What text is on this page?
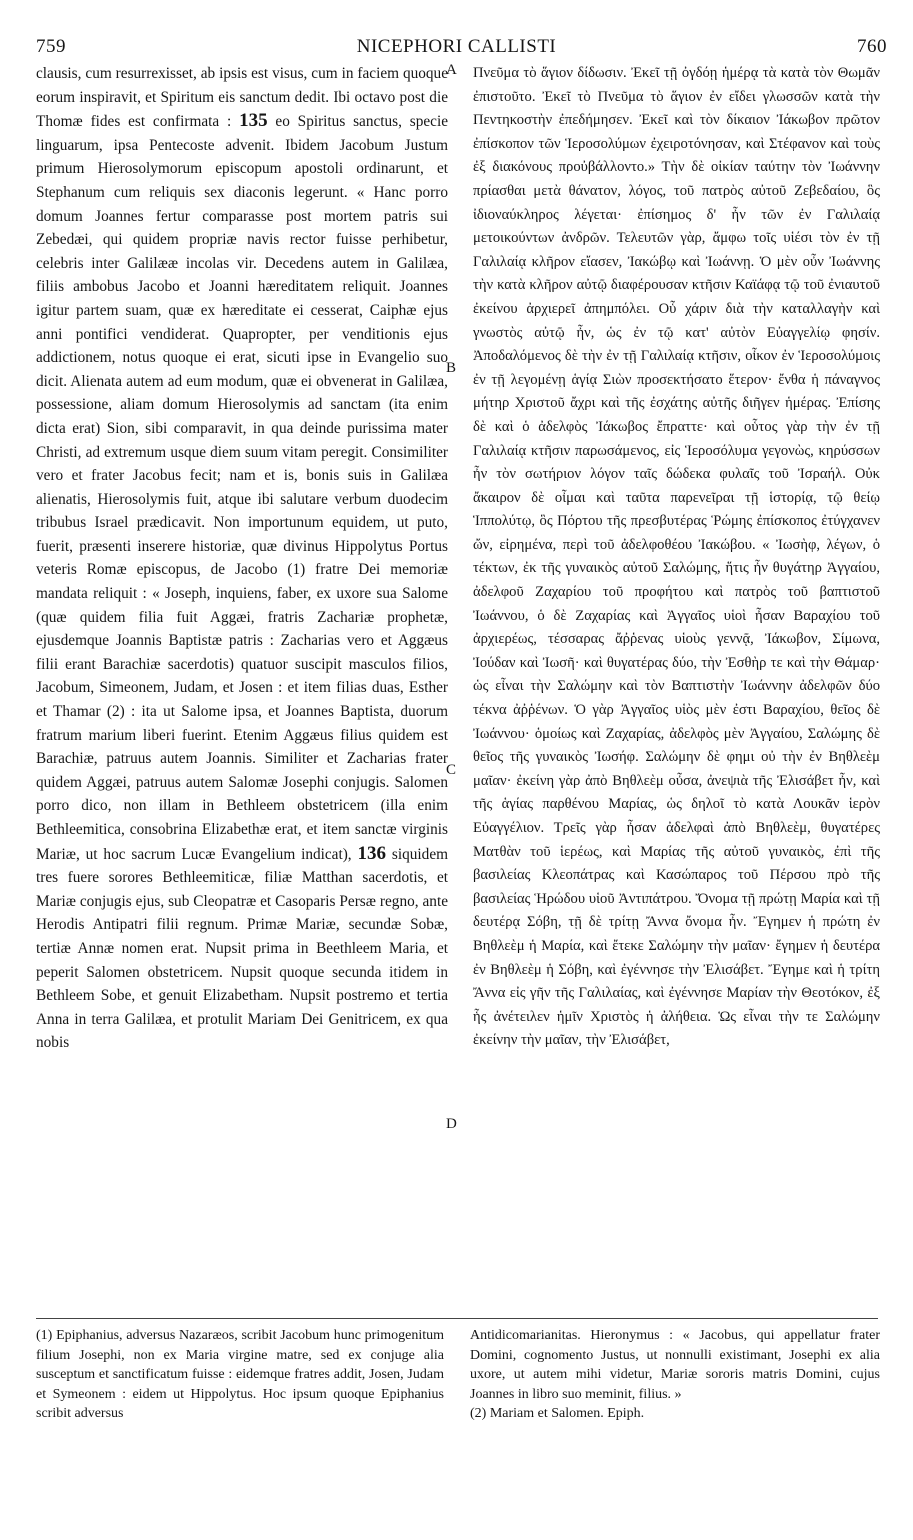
NICEPHORI CALLISTI
759	760

clausis, cum resurrexisset, ab ipsis est visus, cum in faciem quoque eorum inspiravit, et Spiritum eis sanctum dedit. Ibi octavo post die Thomæ fides est confirmata : 135 eo Spiritus sanctus, specie linguarum, ipsa Pentecoste advenit. Ibidem Jacobum Justum primum Hierosolymorum episcopum apostoli ordinarunt, et Stephanum cum reliquis sex diaconis legerunt. « Hanc porro domum Joannes fertur comparasse post mortem patris sui Zebedæi, qui quidem propriæ navis rector fuisse perhibetur, celebris inter Galilææ incolas vir. Decedens autem in Galilæa, filiis ambobus Jacobo et Joanni hæreditatem reliquit. Joannes igitur partem suam, quæ ex hæreditate ei cesserat, Caiphæ ejus anni pontifici vendiderat. Quapropter, per venditionis ejus addictionem, notus quoque ei erat, sicuti ipse in Evangelio suo dicit. Alienata autem ad eum modum, quæ ei obvenerat in Galilæa, possessione, aliam domum Hierosolymis ad sanctam (ita enim dicta erat) Sion, sibi comparavit, in qua deinde purissima mater Christi, ad extremum usque diem suum vitam peregit. Consimiliter vero et frater Jacobus fecit; nam et is, bonis suis in Galilæa alienatis, Hierosolymis fuit, atque ibi salutare verbum duodecim tribubus Israel prædicavit. Non importunum equidem, ut puto, fuerit, præsenti inserere historiæ, quæ divinus Hippolytus Portus veteris Romæ episcopus, de Jacobo (1) fratre Dei memoriæ mandata reliquit : « Joseph, inquiens, faber, ex uxore sua Salome (quæ quidem filia fuit Aggæi, fratris Zachariæ prophetæ, ejusdemque Joannis Baptistæ patris : Zacharias vero et Aggæus filii erant Barachiæ sacerdotis) quatuor suscipit masculos filios, Jacobum, Simeonem, Judam, et Josen : et item filias duas, Esther et Thamar (2) : ita ut Salome ipsa, et Joannes Baptista, duorum fratrum marium liberi fuerint. Etenim Aggæus filius quidem est Barachiæ, patruus autem Joannis. Similiter et Zacharias frater quidem Aggæi, patruus autem Salomæ Josephi conjugis. Salomen porro dico, non illam in Bethleem obstetricem (illa enim Bethleemitica, consobrina Elizabethæ erat, et item sanctæ virginis Mariæ, ut hoc sacrum Lucæ Evangelium indicat), 136 siquidem tres fuere sorores Bethleemiticæ, filiæ Matthan sacerdotis, et Mariæ conjugis ejus, sub Cleopatræ et Casoparis Persæ regno, ante Herodis Antipatri filii regnum. Primæ Mariæ, secundæ Sobæ, tertiæ Annæ nomen erat. Nupsit prima in Beethleem Maria, et peperit Salomen obstetricem. Nupsit quoque secunda itidem in Bethleem Sobe, et genuit Elizabetham. Nupsit postremo et tertia Anna in terra Galilæa, et protulit Mariam Dei Genitricem, ex qua nobis

A
B
C
D

Πνεῦμα τὸ ἅγιον δίδωσιν. Ἐκεῖ τῇ ὀγδόῃ ἡμέρᾳ τὰ κατὰ τὸν Θωμᾶν ἐπιστοῦτο. Ἐκεῖ τὸ Πνεῦμα τὸ ἅγιον ἐν εἴδει γλωσσῶν κατὰ τὴν Πεντηκοστὴν ἐπεδήμησεν. Ἐκεῖ καὶ τὸν δίκαιον Ἰάκωβον πρῶτον ἐπίσκοπον τῶν Ἱεροσολύμων ἐχειροτόνησαν, καὶ Στέφανον καὶ τοὺς ἐξ διακόνους προὐβάλλοντο.» Τὴν δὲ οἰκίαν ταύτην τὸν Ἰωάννην πρίασθαι μετὰ θάνατον, λόγος, τοῦ πατρὸς αὐτοῦ Ζεβεδαίου, ὃς ἰδιοναύκληρος λέγεται· ἐπίσημος δ' ἦν τῶν ἐν Γαλιλαίᾳ μετοικούντων ἀνδρῶν. Τελευτῶν γὰρ, ἄμφω τοῖς υἱέσι τὸν ἐν τῇ Γαλιλαίᾳ κλῆρον εἴασεν, Ἰακώβῳ καὶ Ἰωάννῃ. Ὁ μὲν οὖν Ἰωάννης τὴν κατὰ κλῆρον αὐτῷ διαφέρουσαν κτῆσιν Καϊάφᾳ τῷ τοῦ ἐνιαυτοῦ ἐκείνου ἀρχιερεῖ ἀπημπόλει. Οὗ χάριν διὰ τὴν καταλλαγὴν καὶ γνωστὸς αὐτῷ ἦν, ὡς ἐν τῷ κατ' αὐτὸν Εὐαγγελίῳ φησίν. Ἀποδαλόμενος δὲ τὴν ἐν τῇ Γαλιλαίᾳ κτῆσιν, οἶκον ἐν Ἱεροσολύμοις ἐν τῇ λεγομένῃ ἁγίᾳ Σιὼν προσεκτήσατο ἕτερον· ἔνθα ἡ πάναγνος μήτηρ Χριστοῦ ἄχρι καὶ τῆς ἐσχάτης αὐτῆς διῆγεν ἡμέρας. Ἐπίσης δὲ καὶ ὁ ἀδελφὸς Ἰάκωβος ἔπραττε· καὶ οὗτος γὰρ τὴν ἐν τῇ Γαλιλαίᾳ κτῆσιν παρωσάμενος, εἰς Ἱεροσόλυμα γεγονὼς, κηρύσσων ἦν τὸν σωτήριον λόγον ταῖς δώδεκα φυλαῖς τοῦ Ἰσραήλ. Οὐκ ἄκαιρον δὲ οἶμαι καὶ ταῦτα παρενεῖραι τῇ ἱστορίᾳ, τῷ θείῳ Ἱππολύτῳ, ὃς Πόρτου τῆς πρεσβυτέρας Ῥώμης ἐπίσκοπος ἐτύγχανεν ὤν, εἰρημένα, περὶ τοῦ ἀδελφοθέου Ἰακώβου. « Ἰωσὴφ, λέγων, ὁ τέκτων, ἐκ τῆς γυναικὸς αὐτοῦ Σαλώμης, ἥτις ἦν θυγάτηρ Ἀγγαίου, ἀδελφοῦ Ζαχαρίου τοῦ προφήτου καὶ πατρὸς τοῦ βαπτιστοῦ Ἰωάννου, ὁ δὲ Ζαχαρίας καὶ Ἀγγαῖος υἱοὶ ἦσαν Βαραχίου τοῦ ἀρχιερέως, τέσσαρας ἄῤῥενας υἱοὺς γεννᾷ, Ἰάκωβον, Σίμωνα, Ἰούδαν καὶ Ἰωσῆ· καὶ θυγατέρας δύο, τὴν Ἐσθὴρ τε καὶ τὴν Θάμαρ· ὡς εἶναι τὴν Σαλώμην καὶ τὸν Βαπτιστὴν Ἰωάννην ἀδελφῶν δύο τέκνα ἀῤῥένων. Ὁ γὰρ Ἀγγαῖος υἱὸς μὲν ἐστι Βαραχίου, θεῖος δὲ Ἰωάννου· ὁμοίως καὶ Ζαχαρίας, ἀδελφὸς μὲν Ἀγγαίου, Σαλώμης δὲ θεῖος τῆς γυναικὸς Ἰωσήφ. Σαλώμην δὲ φημι οὐ τὴν ἐν Βηθλεὲμ μαῖαν· ἐκείνη γὰρ ἀπὸ Βηθλεὲμ οὖσα, ἀνεψιὰ τῆς Ἐλισάβετ ἦν, καὶ τῆς ἁγίας παρθένου Μαρίας, ὡς δηλοῖ τὸ κατὰ Λουκᾶν ἱερὸν Εὐαγγέλιον. Τρεῖς γὰρ ἦσαν ἀδελφαὶ ἀπὸ Βηθλεὲμ, θυγατέρες Ματθὰν τοῦ ἱερέως, καὶ Μαρίας τῆς αὐτοῦ γυναικὸς, ἐπὶ τῆς βασιλείας Κλεοπάτρας καὶ Κασώπαρος τοῦ Πέρσου πρὸ τῆς βασιλείας Ἡρώδου υἱοῦ Ἀντιπάτρου. Ὄνομα τῇ πρώτῃ Μαρία καὶ τῇ δευτέρᾳ Σόβη, τῇ δὲ τρίτῃ Ἄννα ὄνομα ἦν. Ἔγημεν ἡ πρώτη ἐν Βηθλεὲμ ἡ Μαρία, καὶ ἔτεκε Σαλώμην τὴν μαῖαν· ἔγημεν ἡ δευτέρα ἐν Βηθλεὲμ ἡ Σόβη, καὶ ἐγέννησε τὴν Ἐλισάβετ. Ἔγημε καὶ ἡ τρίτη Ἄννα εἰς γῆν τῆς Γαλιλαίας, καὶ ἐγέννησε Μαρίαν τὴν Θεοτόκον, ἐξ ἧς ἀνέτειλεν ἡμῖν Χριστὸς ἡ ἀλήθεια. Ὡς εἶναι τὴν τε Σαλώμην ἐκείνην τὴν μαῖαν, τὴν Ἐλισάβετ,

(1) Epiphanius, adversus Nazaræos, scribit Jacobum hunc primogenitum filium Josephi, non ex Maria virgine matre, sed ex conjuge alia susceptum et sanctificatum fuisse : eidemque fratres addit, Josen, Judam et Symeonem : eidem ut Hippolytus. Hoc ipsum quoque Epiphanius scribit adversus

Antidicomarianitas. Hieronymus : « Jacobus, qui appellatur frater Domini, cognomento Justus, ut nonnulli existimant, Josephi ex alia uxore, ut autem mihi videtur, Mariæ sororis matris Domini, cujus Joannes in libro suo meminit, filius. »

(2) Mariam et Salomen. Epiph.
